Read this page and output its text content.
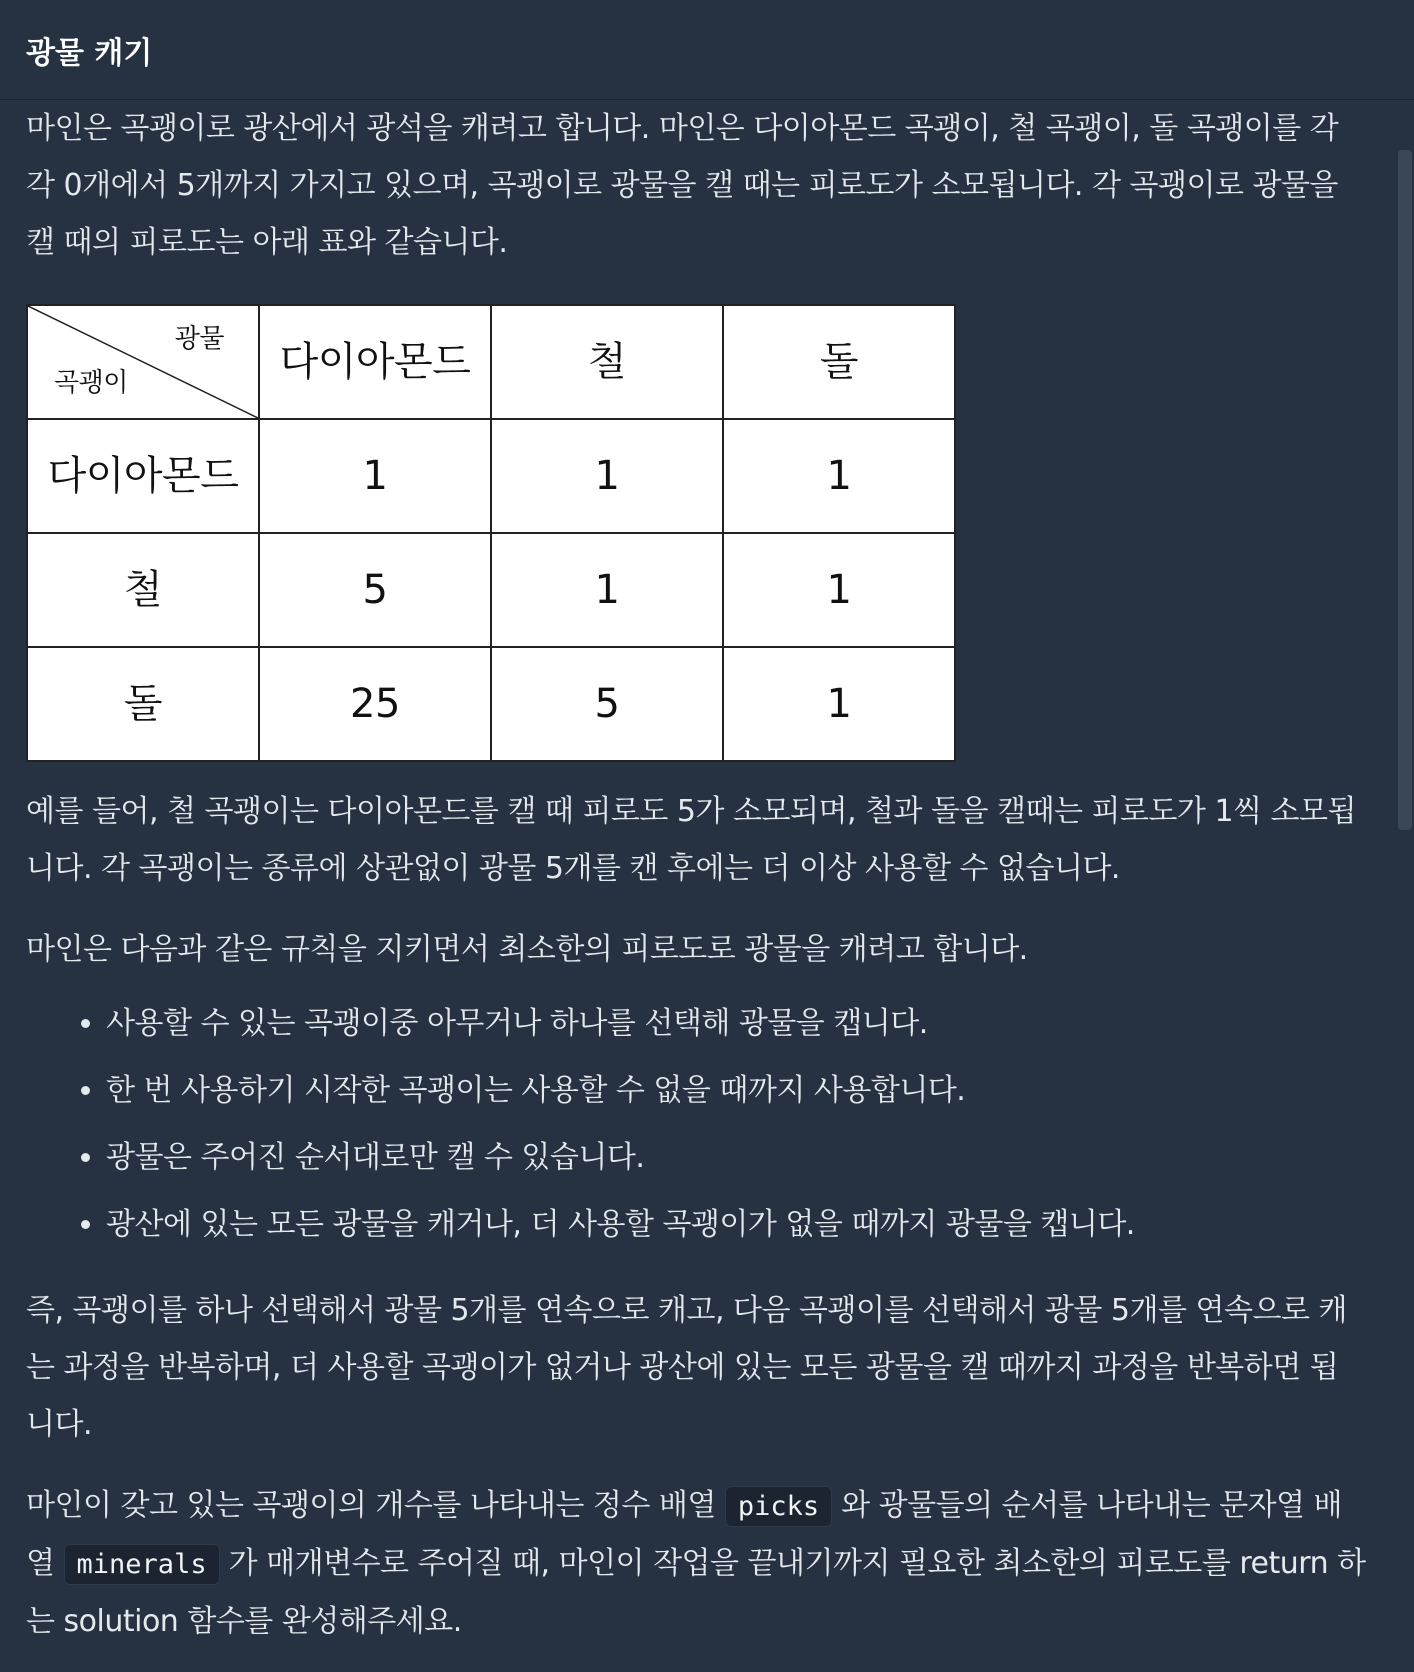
광물 캐기

마인은 곡괭이로 광산에서 광석을 캐려고 합니다. 마인은 다이아몬드 곡괭이, 철 곡괭이, 돌 곡괭이를 각각 0개에서 5개까지 가지고 있으며, 곡괭이로 광물을 캘 때는 피로도가 소모됩니다. 각 곡괭이로 광물을 캘 때의 피로도는 아래 표와 같습니다.

광물
곡괭이	다이아몬드	철	돌
다이아몬드	1	1	1
철	5	1	1
돌	25	5	1

예를 들어, 철 곡괭이는 다이아몬드를 캘 때 피로도 5가 소모되며, 철과 돌을 캘때는 피로도가 1씩 소모됩니다. 각 곡괭이는 종류에 상관없이 광물 5개를 캔 후에는 더 이상 사용할 수 없습니다.

마인은 다음과 같은 규칙을 지키면서 최소한의 피로도로 광물을 캐려고 합니다.

• 사용할 수 있는 곡괭이중 아무거나 하나를 선택해 광물을 캡니다.
• 한 번 사용하기 시작한 곡괭이는 사용할 수 없을 때까지 사용합니다.
• 광물은 주어진 순서대로만 캘 수 있습니다.
• 광산에 있는 모든 광물을 캐거나, 더 사용할 곡괭이가 없을 때까지 광물을 캡니다.

즉, 곡괭이를 하나 선택해서 광물 5개를 연속으로 캐고, 다음 곡괭이를 선택해서 광물 5개를 연속으로 캐는 과정을 반복하며, 더 사용할 곡괭이가 없거나 광산에 있는 모든 광물을 캘 때까지 과정을 반복하면 됩니다.

마인이 갖고 있는 곡괭이의 개수를 나타내는 정수 배열 picks 와 광물들의 순서를 나타내는 문자열 배열 minerals 가 매개변수로 주어질 때, 마인이 작업을 끝내기까지 필요한 최소한의 피로도를 return 하는 solution 함수를 완성해주세요.
